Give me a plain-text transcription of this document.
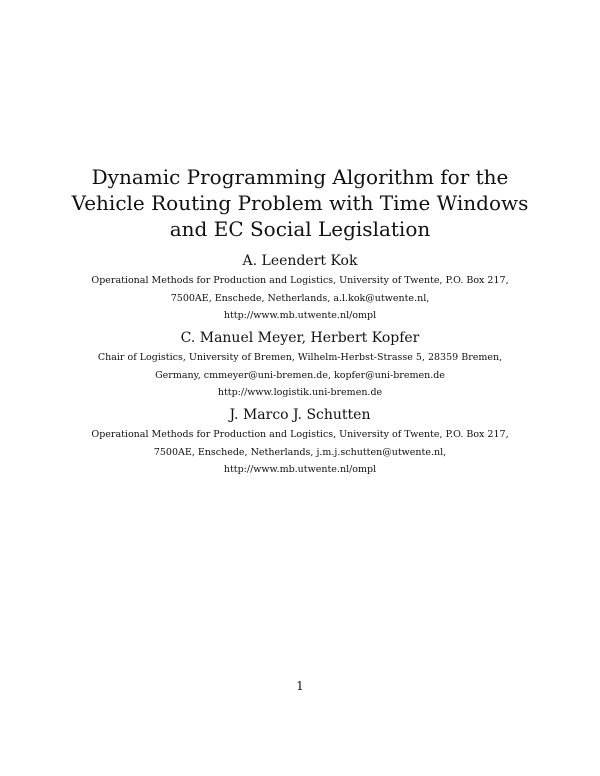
Dynamic Programming Algorithm for the
Vehicle Routing Problem with Time Windows
and EC Social Legislation
A. Leendert Kok
Operational Methods for Production and Logistics, University of Twente, P.O. Box 217,
7500AE, Enschede, Netherlands, a.l.kok@utwente.nl,
http://www.mb.utwente.nl/ompl
C. Manuel Meyer, Herbert Kopfer
Chair of Logistics, University of Bremen, Wilhelm-Herbst-Strasse 5, 28359 Bremen,
Germany, cmmeyer@uni-bremen.de, kopfer@uni-bremen.de
http://www.logistik.uni-bremen.de
J. Marco J. Schutten
Operational Methods for Production and Logistics, University of Twente, P.O. Box 217,
7500AE, Enschede, Netherlands, j.m.j.schutten@utwente.nl,
http://www.mb.utwente.nl/ompl
1
